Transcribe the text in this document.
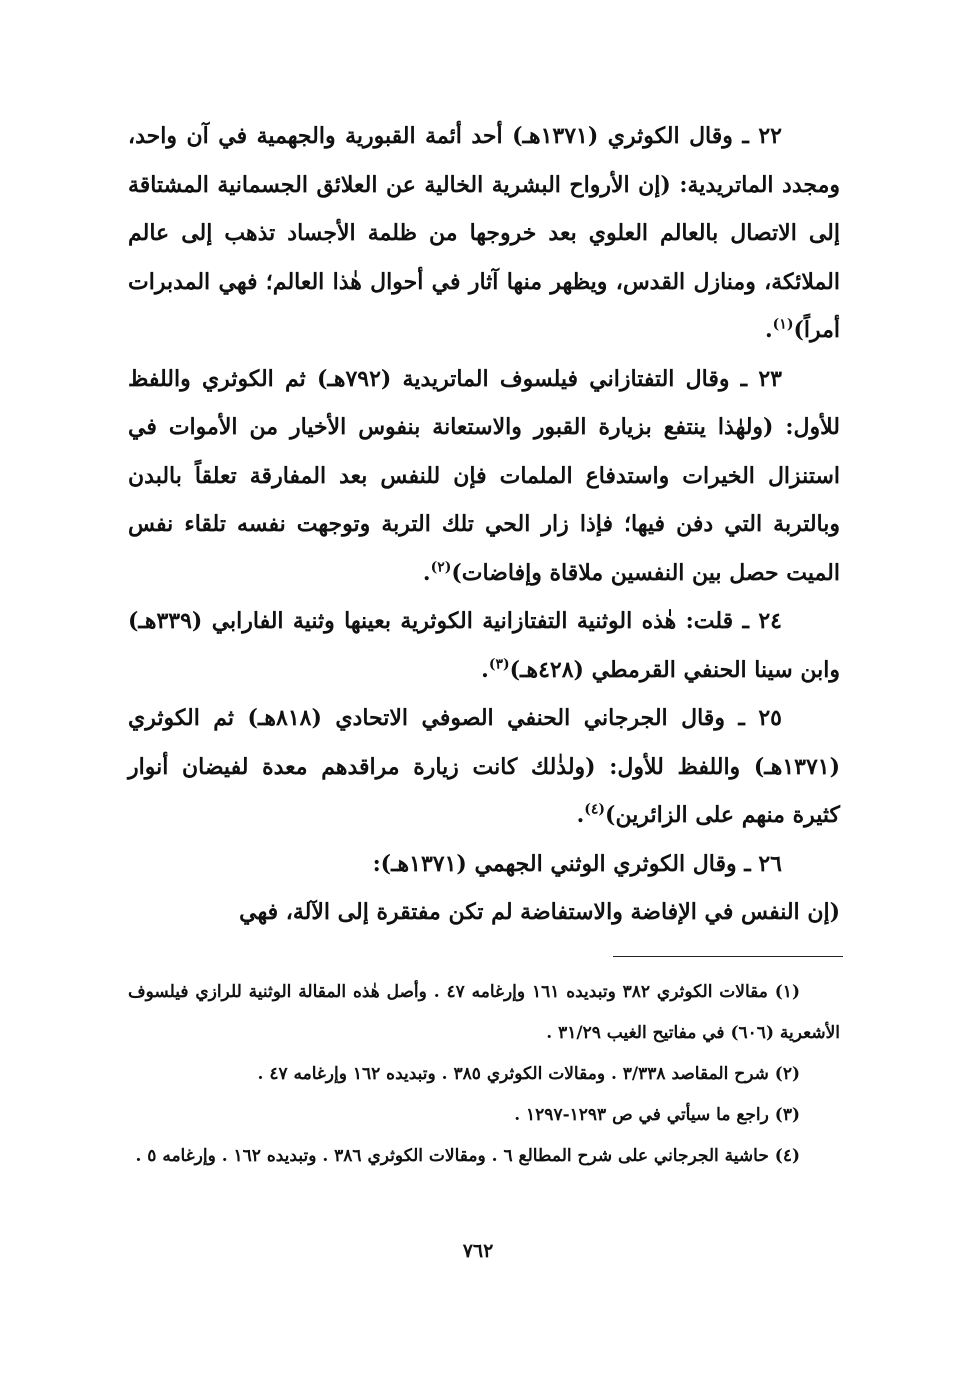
٢٢ ـ وقال الكوثري (١٣٧١هـ) أحد أئمة القبورية والجهمية في آن واحد، ومجدد الماتريدية: (إن الأرواح البشرية الخالية عن العلائق الجسمانية المشتاقة إلى الاتصال بالعالم العلوي بعد خروجها من ظلمة الأجساد تذهب إلى عالم الملائكة، ومنازل القدس، ويظهر منها آثار في أحوال هٰذا العالم؛ فهي المدبرات أمراً)$^{(١)}$.

٢٣ ـ وقال التفتازاني فيلسوف الماتريدية (٧٩٢هـ) ثم الكوثري واللفظ للأول: (ولهٰذا ينتفع بزيارة القبور والاستعانة بنفوس الأخيار من الأموات في استنزال الخيرات واستدفاع الملمات فإن للنفس بعد المفارقة تعلقاً بالبدن وبالتربة التي دفن فيها؛ فإذا زار الحي تلك التربة وتوجهت نفسه تلقاء نفس الميت حصل بين النفسين ملاقاة وإفاضات)$^{(٢)}$.

٢٤ ـ قلت: هٰذه الوثنية التفتازانية الكوثرية بعينها وثنية الفارابي (٣٣٩هـ) وابن سينا الحنفي القرمطي (٤٢٨هـ)$^{(٣)}$.

٢٥ ـ وقال الجرجاني الحنفي الصوفي الاتحادي (٨١٨هـ) ثم الكوثري (١٣٧١هـ) واللفظ للأول: (ولذٰلك كانت زيارة مراقدهم معدة لفيضان أنوار كثيرة منهم على الزائرين)$^{(٤)}$.

٢٦ ـ وقال الكوثري الوثني الجهمي (١٣٧١هـ):

(إن النفس في الإفاضة والاستفاضة لم تكن مفتقرة إلى الآلة، فهي

(١) مقالات الكوثري ٣٨٢ وتبديده ١٦١ وإرغامه ٤٧ . وأصل هٰذه المقالة الوثنية للرازي فيلسوف الأشعرية (٦٠٦) في مفاتيح الغيب ٣١/٢٩ .

(٢) شرح المقاصد ٣/٣٣٨ . ومقالات الكوثري ٣٨٥ . وتبديده ١٦٢ وإرغامه ٤٧ .

(٣) راجع ما سيأتي في ص ١٢٩٣-١٢٩٧ .

(٤) حاشية الجرجاني على شرح المطالع ٦ . ومقالات الكوثري ٣٨٦ . وتبديده ١٦٢ . وإرغامه ٥ .

٧٦٢
